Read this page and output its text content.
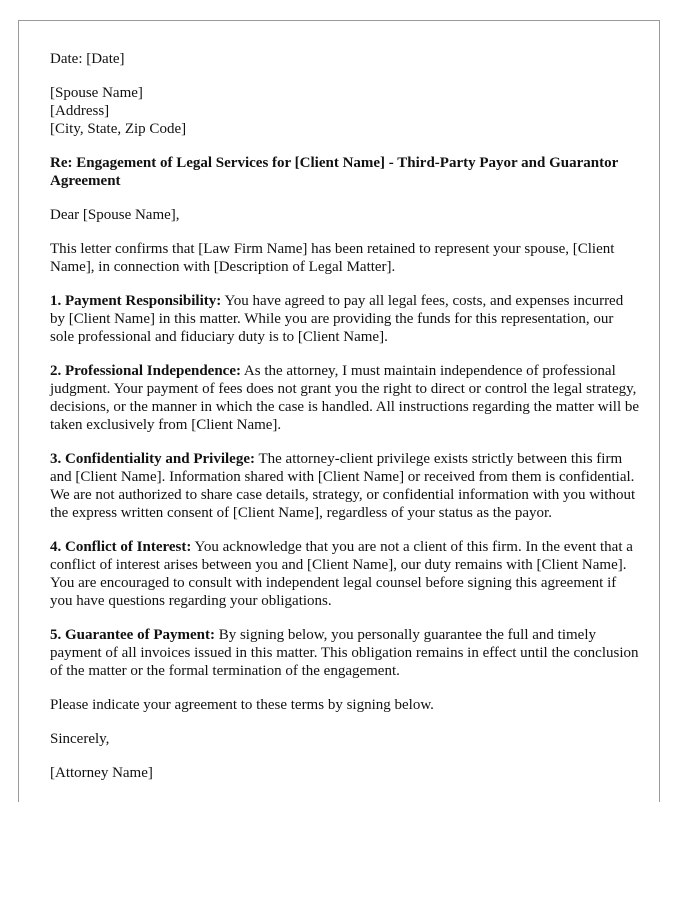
Date: [Date]

[Spouse Name]
[Address]
[City, State, Zip Code]

Re: Engagement of Legal Services for [Client Name] - Third-Party Payor and Guarantor Agreement

Dear [Spouse Name],

This letter confirms that [Law Firm Name] has been retained to represent your spouse, [Client Name], in connection with [Description of Legal Matter].

1. Payment Responsibility: You have agreed to pay all legal fees, costs, and expenses incurred by [Client Name] in this matter. While you are providing the funds for this representation, our sole professional and fiduciary duty is to [Client Name].

2. Professional Independence: As the attorney, I must maintain independence of professional judgment. Your payment of fees does not grant you the right to direct or control the legal strategy, decisions, or the manner in which the case is handled. All instructions regarding the matter will be taken exclusively from [Client Name].

3. Confidentiality and Privilege: The attorney-client privilege exists strictly between this firm and [Client Name]. Information shared with [Client Name] or received from them is confidential. We are not authorized to share case details, strategy, or confidential information with you without the express written consent of [Client Name], regardless of your status as the payor.

4. Conflict of Interest: You acknowledge that you are not a client of this firm. In the event that a conflict of interest arises between you and [Client Name], our duty remains with [Client Name]. You are encouraged to consult with independent legal counsel before signing this agreement if you have questions regarding your obligations.

5. Guarantee of Payment: By signing below, you personally guarantee the full and timely payment of all invoices issued in this matter. This obligation remains in effect until the conclusion of the matter or the formal termination of the engagement.

Please indicate your agreement to these terms by signing below.

Sincerely,

[Attorney Name]
